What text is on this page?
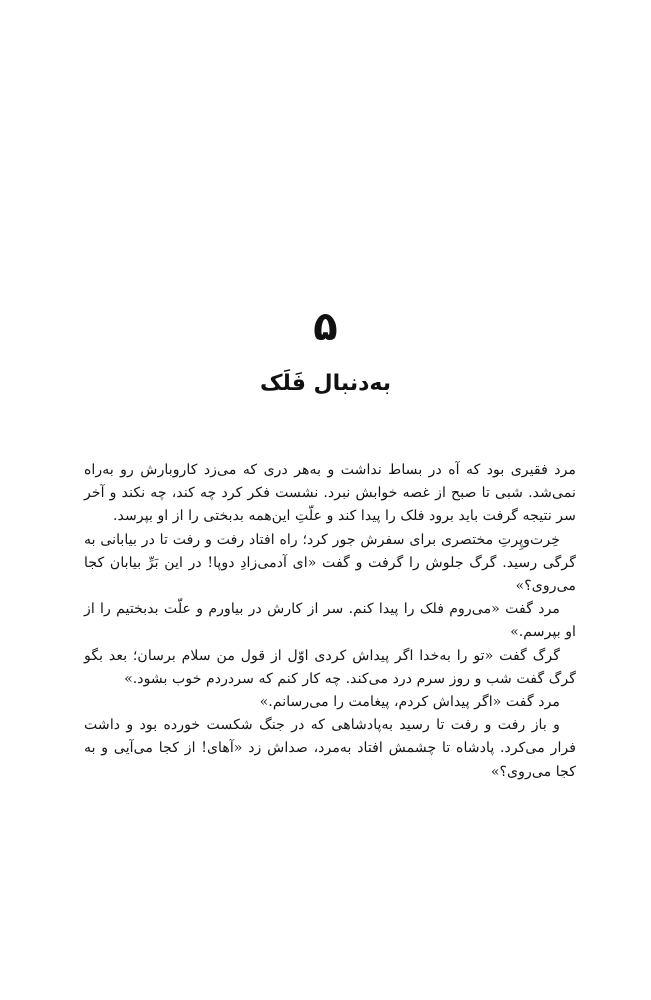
۵
به‌دنبال فَلَک

مرد فقیری بود که آه در بساط نداشت و به‌هر دری که می‌زد کاروبارش رو به‌راه نمی‌شد. شبی تا صبح از غصه خوابش نبرد. نشست فکر کرد چه کند، چه نکند و آخر سر نتیجه گرفت باید برود فلک را پیدا کند و علّتِ این‌همه بدبختی را از او بپرسد.

خِرت‌وپِرتِ مختصری برای سفرش جور کرد؛ راه افتاد رفت و رفت تا در بیابانی به گرگی رسید. گرگ جلوش را گرفت و گفت «ای آدمی‌زادِ دوپا! در این بَرِّ بیابان کجا می‌روی؟»

مرد گفت «می‌روم فلک را پیدا کنم. سر از کارش در بیاورم و علّت بدبختیم را از او بپرسم.»

گرگ گفت «تو را به‌خدا اگر پیداش کردی اوّل از قول من سلام برسان؛ بعد بگو گرگ گفت شب و روز سرم درد می‌کند. چه کار کنم که سردردم خوب بشود.»

مرد گفت «اگر پیداش کردم، پیغامت را می‌رسانم.»

و باز رفت و رفت تا رسید به‌پادشاهی که در جنگ شکست خورده بود و داشت فرار می‌کرد. پادشاه تا چشمش افتاد به‌مرد، صداش زد «آهای! از کجا می‌آیی و به کجا می‌روی؟»
